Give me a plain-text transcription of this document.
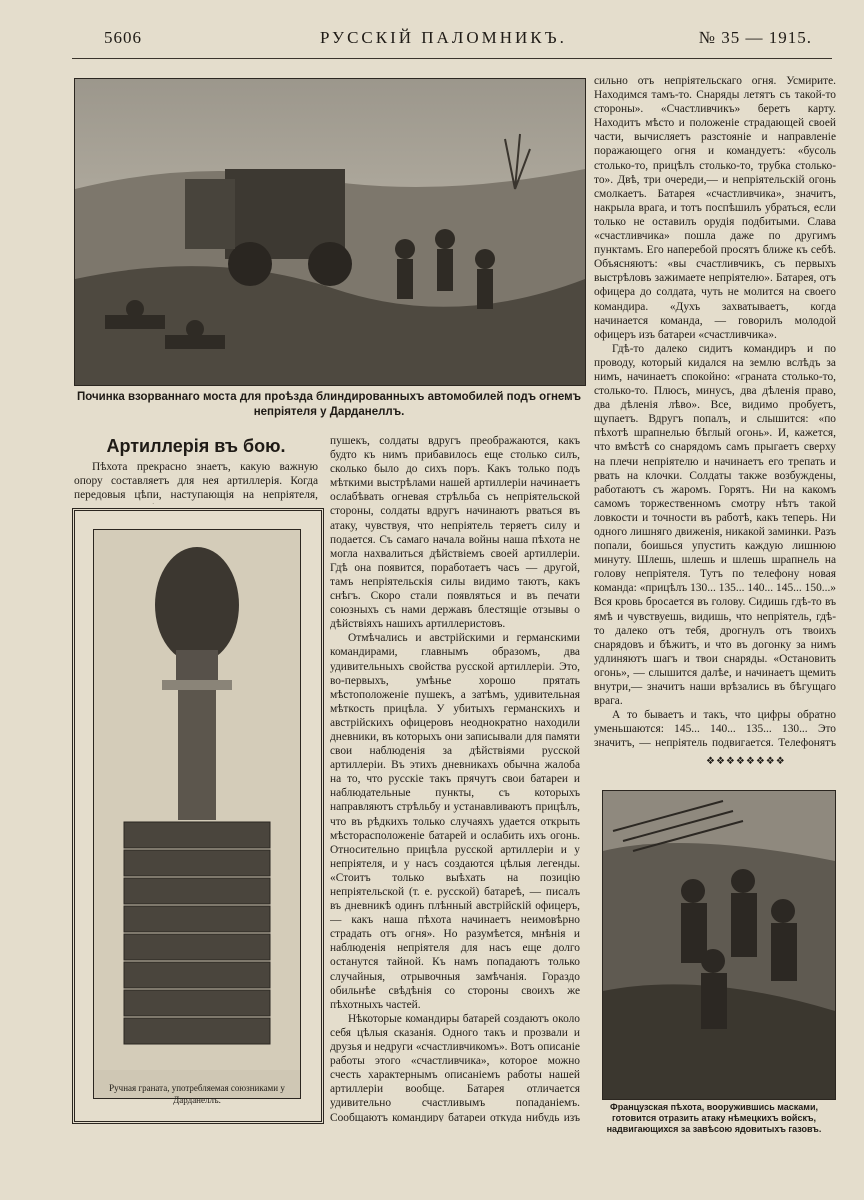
5606	РУССКІЙ ПАЛОМНИКЪ.	№ 35 — 1915.
Починка взорваннаго моста для проѣзда блиндированныхъ автомобилей подъ огнемъ
непріятеля у Дарданеллъ.
Артиллерія въ бою.

Пѣхота прекрасно знаетъ, какую важную опору составляетъ для нея артиллерія. Когда передовыя цѣпи, наступающія на непріятеля,

Ручная граната, употребляемая союзниками у Дарданеллъ.

пушекъ, солдаты вдругъ преображаются, какъ будто къ нимъ прибавилось еще столько силъ, сколько было до сихъ поръ. Какъ только подъ мѣткими выстрѣлами нашей артиллеріи начинаетъ ослабѣвать огневая стрѣльба съ непріятельской стороны, солдаты вдругъ начинаютъ рваться въ атаку, чувствуя, что непріятель теряетъ силу и подается. Съ самаго начала войны наша пѣхота не могла нахвалиться дѣйствіемъ своей артиллеріи. Гдѣ она появится, поработаетъ часъ — другой, тамъ непріятельскія силы видимо таютъ, какъ снѣгъ. Скоро стали появляться и въ печати союзныхъ съ нами державъ блестящіе отзывы о дѣйствіяхъ нашихъ артиллеристовъ.

Отмѣчались и австрійскими и германскими командирами, главнымъ образомъ, два удивительныхъ свойства русской артиллеріи. Это, во-первыхъ, умѣнье хорошо прятать мѣстоположеніе пушекъ, а затѣмъ, удивительная мѣткость прицѣла. У убитыхъ германскихъ и австрійскихъ офицеровъ неоднократно находили дневники, въ которыхъ они записывали для памяти свои наблюденія за дѣйствіями русской артиллеріи. Въ этихъ дневникахъ обычна жалоба на то, что русскіе такъ прячутъ свои батареи и наблюдательные пункты, съ которыхъ направляютъ стрѣльбу и устанавливаютъ прицѣлъ, что въ рѣдкихъ только случаяхъ удается открыть мѣсторасположеніе батарей и ослабить ихъ огонь. Относительно прицѣла русской артиллеріи и у непріятеля, и у насъ создаются цѣлыя легенды. «Стоитъ только выѣхать на позицію непріятельской (т. е. русской) батареѣ, — писалъ въ дневникѣ одинъ плѣнный австрійскій офицеръ,— какъ наша пѣхота начинаетъ неимовѣрно страдать отъ огня». Но разумѣется, мнѣнія и наблюденія непріятеля для насъ еще долго останутся тайной. Къ намъ попадаютъ только случайныя, отрывочныя замѣчанія. Гораздо обильнѣе свѣдѣнія со стороны своихъ же пѣхотныхъ частей.

Нѣкоторые командиры батарей создаютъ около себя цѣлыя сказанія. Одного такъ и прозвали и друзья и недруги «счастливчикомъ». Вотъ описаніе работы этого «счастливчика», которое можно счесть характернымъ описаніемъ работы нашей артиллеріи вообще. Батарея отличается удивительно счастливымъ попаданіемъ. Сообщаютъ командиру батареи откуда нибудь изъ

сильно отъ непріятельскаго огня. Усмирите. Находимся тамъ-то. Снаряды летятъ съ такой-то стороны». «Счастливчикъ» беретъ карту. Находитъ мѣсто и положеніе страдающей своей части, вычисляетъ разстояніе и направленіе поражающего огня и командуетъ: «бусоль столько-то, прицѣлъ столько-то, трубка столько-то». Двѣ, три очереди,— и непріятельскій огонь смолкаетъ. Батарея «счастливчика», значитъ, накрыла врага, и тотъ поспѣшилъ убраться, если только не оставилъ орудія подбитыми. Слава «счастливчика» пошла даже по другимъ пунктамъ. Его наперебой просятъ ближе къ себѣ. Объясняютъ: «вы счастливчикъ, съ первыхъ выстрѣловъ зажимаете непріятелю». Батарея, отъ офицера до солдата, чуть не молится на своего командира. «Духъ захватываетъ, когда начинается команда, — говорилъ молодой офицеръ изъ батареи «счастливчика».

Гдѣ-то далеко сидитъ командиръ и по проводу, который кидался на землю вслѣдъ за нимъ, начинаетъ спокойно: «граната столько-то, столько-то. Плюсъ, минусъ, два дѣленія право, два дѣленія лѣво». Все, видимо пробуетъ, щупаетъ. Вдругъ попалъ, и слышится: «по пѣхотѣ шрапнелью бѣглый огонь». И, кажется, что вмѣстѣ со снарядомъ самъ прыгаетъ сверху на плечи непріятелю и начинаетъ его трепать и рвать на клочки. Солдаты также возбуждены, работаютъ съ жаромъ. Горятъ. Ни на какомъ самомъ торжественномъ смотру нѣтъ такой ловкости и точности въ работѣ, какъ теперь. Ни одного лишняго движенія, никакой заминки. Разъ попали, боишься упустить каждую лишнюю минуту. Шлешь, шлешь и шлешь шрапнель на голову непріятеля. Тутъ по телефону новая команда: «прицѣлъ 130... 135... 140... 145... 150...» Вся кровь бросается въ голову. Сидишь гдѣ-то въ ямѣ и чувствуешь, видишь, что непріятель, гдѣ-то далеко отъ тебя, дрогнулъ отъ твоихъ снарядовъ и бѣжитъ, и что въ догонку за нимъ удлиняютъ шагъ и твои снаряды. «Остановить огонь», — слышится далѣе, и начинаетъ щемить внутри,— значитъ наши врѣзались въ бѣгущаго врага.

А то бываетъ и такъ, что цифры обратно уменьшаются: 145... 140... 135... 130... Это значитъ, — непріятель подвигается. Телефонятъ

❖❖❖❖❖❖❖❖
Французская пѣхота, вооружившись масками, готовится отразить атаку нѣмецкихъ войскъ, надвигающихся за завѣсою ядовитыхъ газовъ.
